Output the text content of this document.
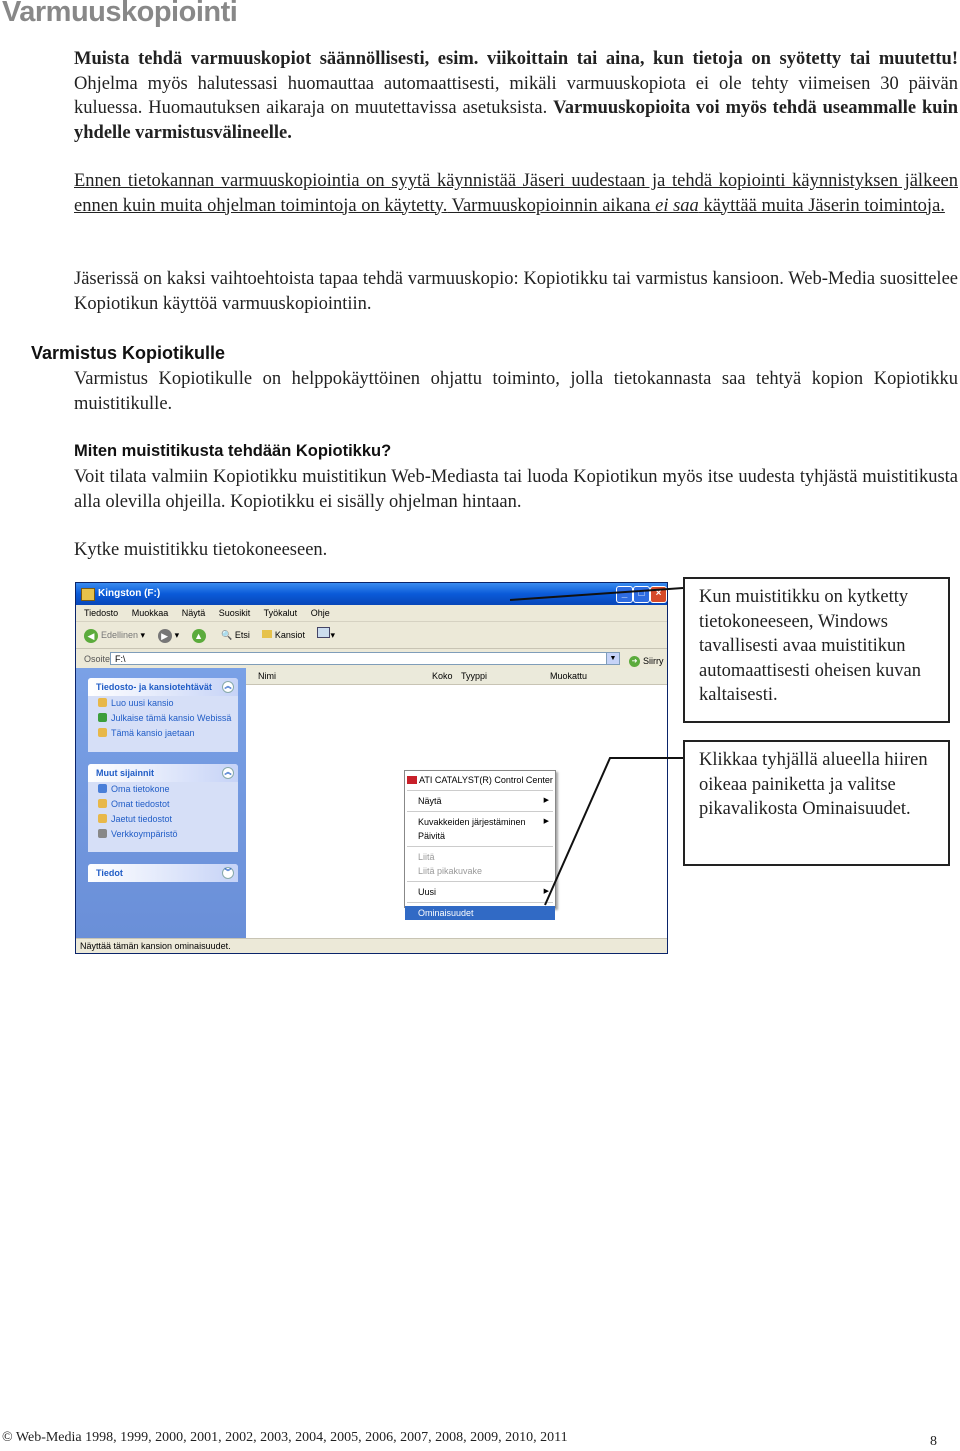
Varmuuskopiointi

Muista tehdä varmuuskopiot säännöllisesti, esim. viikoittain tai aina, kun tietoja on syötetty tai muutettu! Ohjelma myös halutessasi huomauttaa automaattisesti, mikäli varmuuskopiota ei ole tehty viimeisen 30 päivän kuluessa. Huomautuksen aikaraja on muutettavissa asetuksista. Varmuuskopioita voi myös tehdä useammalle kuin yhdelle varmistusvälineelle.

Ennen tietokannan varmuuskopiointia on syytä käynnistää Jäseri uudestaan ja tehdä kopiointi käynnistyksen jälkeen ennen kuin muita ohjelman toimintoja on käytetty. Varmuuskopioinnin aikana ei saa käyttää muita Jäserin toimintoja.

Jäserissä on kaksi vaihtoehtoista tapaa tehdä varmuuskopio: Kopiotikku tai varmistus kansioon. Web-Media suosittelee Kopiotikun käyttöä varmuuskopiointiin.

Varmistus Kopiotikulle

Varmistus Kopiotikulle on helppokäyttöinen ohjattu toiminto, jolla tietokannasta saa tehtyä kopion Kopiotikku muistitikulle.

Miten muistitikusta tehdään Kopiotikku?

Voit tilata valmiin Kopiotikku muistitikun Web-Mediasta tai luoda Kopiotikun myös itse uudesta tyhjästä muistitikusta alla olevilla ohjeilla. Kopiotikku ei sisälly ohjelman hintaan.

Kytke muistitikku tietokoneeseen.

Kingston (F:)	_	□	×
Tiedosto Muokkaa Näytä Suosikit Työkalut Ohje
◀ Edellinen ▾ ▶ ▾ ▲ 🔍 Etsi	Kansiot	▾
Osoite F:\	▼	➜ Siirry
Tiedosto- ja kansiotehtävät	︽
Luo uusi kansio
Julkaise tämä kansio Webissä
Tämä kansio jaetaan
Muut sijainnit	︽
Oma tietokone
Omat tiedostot
Jaetut tiedostot
Verkkoympäristö
Tiedot	︾
Nimi	Koko Tyyppi	Muokattu
ATI CATALYST(R) Control Center
Näytä	▶
Kuvakkeiden järjestäminen	▶
Päivitä
Liitä
Liitä pikakuvake
Uusi	▶
Ominaisuudet
Näyttää tämän kansion ominaisuudet.
Kun muistitikku on kytketty tietokoneeseen, Windows tavallisesti avaa muistitikun automaattisesti oheisen kuvan kaltaisesti.
Klikkaa tyhjällä alueella hiiren oikeaa painiketta ja valitse pikavalikosta Ominaisuudet.
© Web-Media 1998, 1999, 2000, 2001, 2002, 2003, 2004, 2005, 2006, 2007, 2008, 2009, 2010, 2011	8
